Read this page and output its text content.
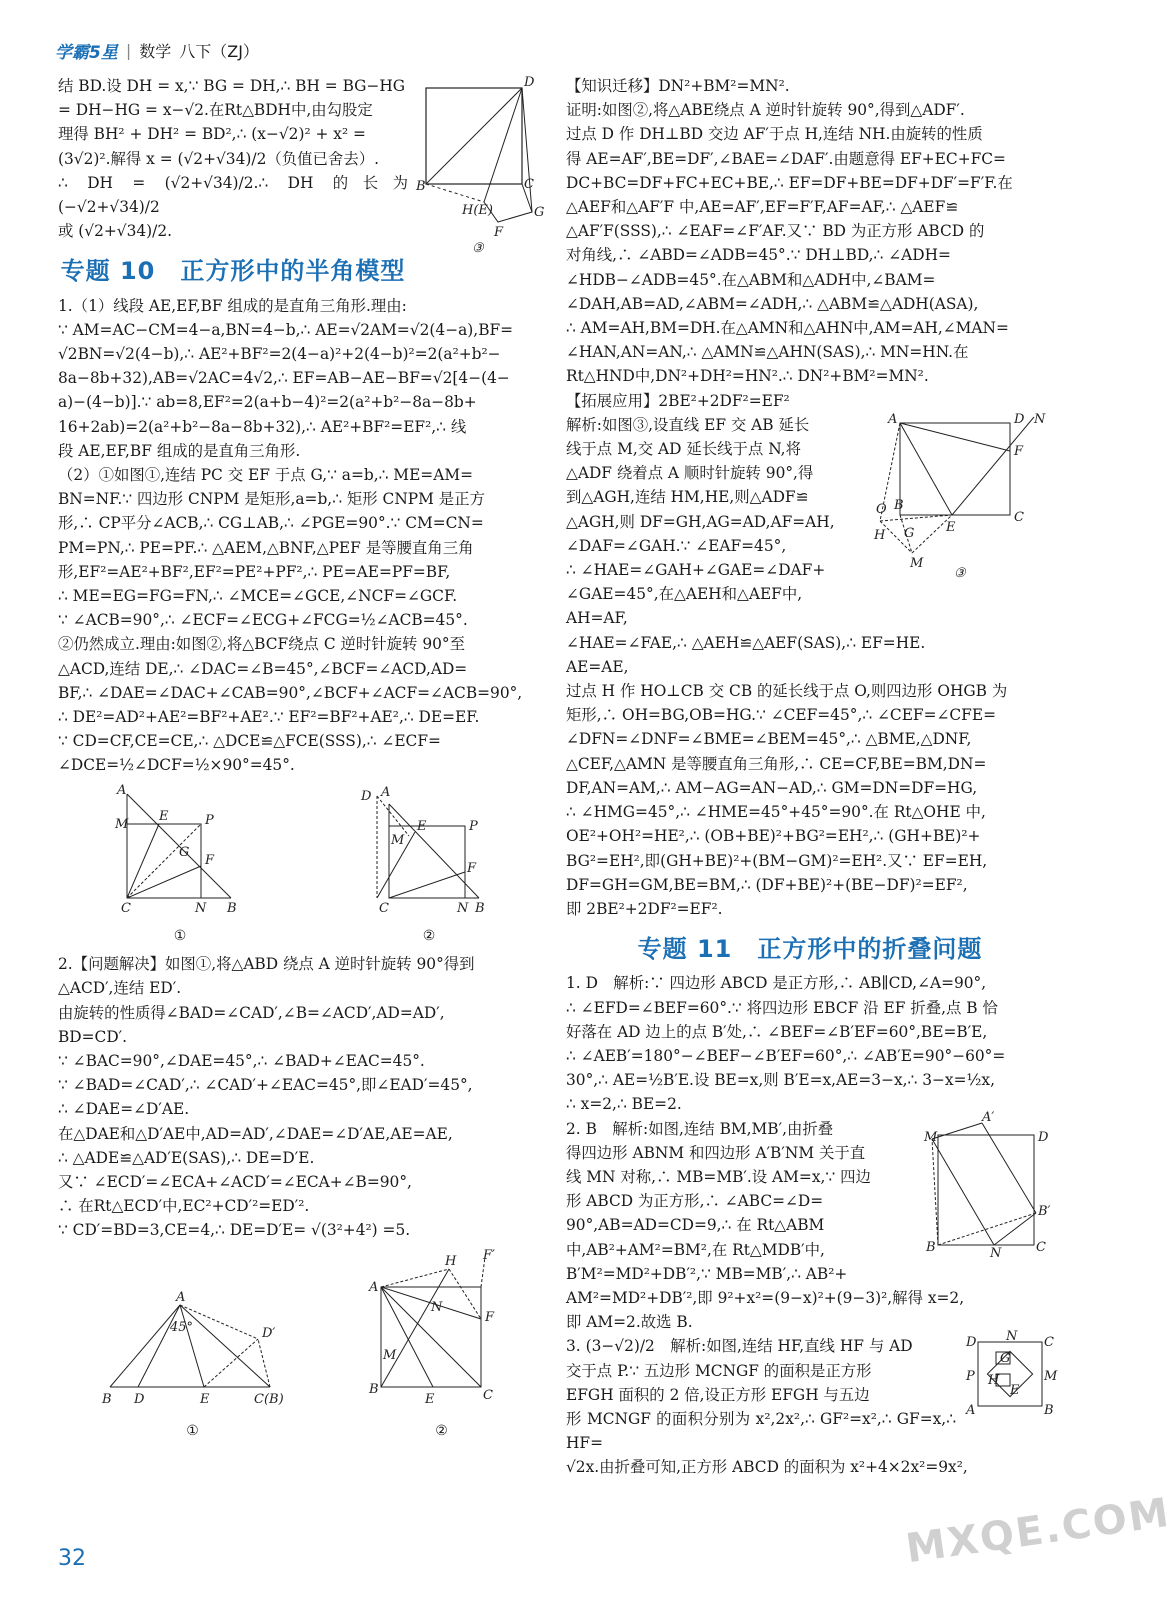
学霸5星 | 数学 八下（ZJ）
D
B	C
H(E)	G
F
③

结 BD.设 DH = x,∵ BG = DH,∴ BH = BG−HG

= DH−HG = x−√2.在Rt△BDH中,由勾股定

理得 BH² + DH² = BD²,∴ (x−√2)² + x² =

(3√2)².解得 x = (√2+√34)/2（负值已舍去）.

∴ DH = (√2+√34)/2.∴ DH 的长为 (−√2+√34)/2

或 (√2+√34)/2.

专题 10　正方形中的半角模型

1.（1）线段 AE,EF,BF 组成的是直角三角形.理由:

∵ AM=AC−CM=4−a,BN=4−b,∴ AE=√2AM=√2(4−a),BF=

√2BN=√2(4−b),∴ AE²+BF²=2(4−a)²+2(4−b)²=2(a²+b²−

8a−8b+32),AB=√2AC=4√2,∴ EF=AB−AE−BF=√2[4−(4−

a)−(4−b)].∵ ab=8,EF²=2(a+b−4)²=2(a²+b²−8a−8b+

16+2ab)=2(a²+b²−8a−8b+32),∴ AE²+BF²=EF²,∴ 线

段 AE,EF,BF 组成的是直角三角形.

（2）①如图①,连结 PC 交 EF 于点 G,∵ a=b,∴ ME=AM=

BN=NF.∵ 四边形 CNPM 是矩形,a=b,∴ 矩形 CNPM 是正方

形,∴ CP平分∠ACB,∴ CG⊥AB,∴ ∠PGE=90°.∵ CM=CN=

PM=PN,∴ PE=PF.∴ △AEM,△BNF,△PEF 是等腰直角三角

形,EF²=AE²+BF²,EF²=PE²+PF²,∴ PE=AE=PF=BF,

∴ ME=EG=FG=FN,∴ ∠MCE=∠GCE,∠NCF=∠GCF.

∵ ∠ACB=90°,∴ ∠ECF=∠ECG+∠FCG=½∠ACB=45°.

②仍然成立.理由:如图②,将△BCF绕点 C 逆时针旋转 90°至

△ACD,连结 DE,∴ ∠DAC=∠B=45°,∠BCF=∠ACD,AD=

BF,∴ ∠DAE=∠DAC+∠CAB=90°,∠BCF+∠ACF=∠ACB=90°,

∴ DE²=AD²+AE²=BF²+AE².∵ EF²=BF²+AE²,∴ DE=EF.

∵ CD=CF,CE=CE,∴ △DCE≌△FCE(SSS),∴ ∠ECF=

∠DCE=½∠DCF=½×90°=45°.

A
M
E	P
G
F
C	N B
①
D A
M
E	P
F
C	N B
②

2.【问题解决】如图①,将△ABD 绕点 A 逆时针旋转 90°得到

△ACD′,连结 ED′.

由旋转的性质得∠BAD=∠CAD′,∠B=∠ACD′,AD=AD′,

BD=CD′.

∵ ∠BAC=90°,∠DAE=45°,∴ ∠BAD+∠EAC=45°.

∵ ∠BAD=∠CAD′,∴ ∠CAD′+∠EAC=45°,即∠EAD′=45°,

∴ ∠DAE=∠D′AE.

在△DAE和△D′AE中,AD=AD′,∠DAE=∠D′AE,AE=AE,

∴ △ADE≌△AD′E(SAS),∴ DE=D′E.

又∵ ∠ECD′=∠ECA+∠ACD′=∠ECA+∠B=90°,

∴ 在Rt△ECD′中,EC²+CD′²=ED′².

∵ CD′=BD=3,CE=4,∴ DE=D′E= √(3²+4²) =5.

A
45°	D′
B D	E	C(B)
①
A
H F′
N
F
M
B
E	C
②

【知识迁移】DN²+BM²=MN².

证明:如图②,将△ABE绕点 A 逆时针旋转 90°,得到△ADF′.

过点 D 作 DH⊥BD 交边 AF′于点 H,连结 NH.由旋转的性质

得 AE=AF′,BE=DF′,∠BAE=∠DAF′.由题意得 EF+EC+FC=

DC+BC=DF+FC+EC+BE,∴ EF=DF+BE=DF+DF′=F′F.在

△AEF和△AF′F 中,AE=AF′,EF=F′F,AF=AF,∴ △AEF≌

△AF′F(SSS),∴ ∠EAF=∠F′AF.又∵ BD 为正方形 ABCD 的

对角线,∴ ∠ABD=∠ADB=45°.∵ DH⊥BD,∴ ∠ADH=

∠HDB−∠ADB=45°.在△ABM和△ADH中,∠BAM=

∠DAH,AB=AD,∠ABM=∠ADH,∴ △ABM≌△ADH(ASA),

∴ AM=AH,BM=DH.在△AMN和△AHN中,AM=AH,∠MAN=

∠HAN,AN=AN,∴ △AMN≌△AHN(SAS),∴ MN=HN.在

Rt△HND中,DN²+DH²=HN².∴ DN²+BM²=MN².

【拓展应用】2BE²+2DF²=EF²

A	D N
F
B
O
E
C
H G
M
③

解析:如图③,设直线 EF 交 AB 延长

线于点 M,交 AD 延长线于点 N,将

△ADF 绕着点 A 顺时针旋转 90°,得

到△AGH,连结 HM,HE,则△ADF≌

△AGH,则 DF=GH,AG=AD,AF=AH,

∠DAF=∠GAH.∵ ∠EAF=45°,

∴ ∠HAE=∠GAH+∠GAE=∠DAF+

∠GAE=45°,在△AEH和△AEF中,

AH=AF,

∠HAE=∠FAE,∴ △AEH≌△AEF(SAS),∴ EF=HE.

AE=AE,

过点 H 作 HO⊥CB 交 CB 的延长线于点 O,则四边形 OHGB 为

矩形,∴ OH=BG,OB=HG.∵ ∠CEF=45°,∴ ∠CEF=∠CFE=

∠DFN=∠DNF=∠BME=∠BEM=45°,∴ △BME,△DNF,

△CEF,△AMN 是等腰直角三角形,∴ CE=CF,BE=BM,DN=

DF,AN=AM,∴ AM−AG=AN−AD,∴ GM=DN=DF=HG,

∴ ∠HMG=45°,∴ ∠HME=45°+45°=90°.在 Rt△OHE 中,

OE²+OH²=HE²,∴ (OB+BE)²+BG²=EH²,∴ (GH+BE)²+

BG²=EH²,即(GH+BE)²+(BM−GM)²=EH².又∵ EF=EH,

DF=GH=GM,BE=BM,∴ (DF+BE)²+(BE−DF)²=EF²,

即 2BE²+2DF²=EF².

专题 11　正方形中的折叠问题

1. D　解析:∵ 四边形 ABCD 是正方形,∴ AB∥CD,∠A=90°,

∴ ∠EFD=∠BEF=60°.∵ 将四边形 EBCF 沿 EF 折叠,点 B 恰

好落在 AD 边上的点 B′处,∴ ∠BEF=∠B′EF=60°,BE=B′E,

∴ ∠AEB′=180°−∠BEF−∠B′EF=60°,∴ ∠AB′E=90°−60°=

30°,∴ AE=½B′E.设 BE=x,则 B′E=x,AE=3−x,∴ 3−x=½x,

∴ x=2,∴ BE=2.

M
A′
D
B′
B	N	C

2. B　解析:如图,连结 BM,MB′,由折叠

得四边形 ABNM 和四边形 A′B′NM 关于直

线 MN 对称,∴ MB=MB′.设 AM=x,∵ 四边

形 ABCD 为正方形,∴ ∠ABC=∠D=

90°,AB=AD=CD=9,∴ 在 Rt△ABM

中,AB²+AM²=BM²,在 Rt△MDB′中,

B′M²=MD²+DB′²,∵ MB=MB′,∴ AB²+

AM²=MD²+DB′²,即 9²+x²=(9−x)²+(9−3)²,解得 x=2,

即 AM=2.故选 B.

D N C
P
G
M
H
E
A	B

3. (3−√2)/2　解析:如图,连结 HF,直线 HF 与 AD

交于点 P.∵ 五边形 MCNGF 的面积是正方形

EFGH 面积的 2 倍,设正方形 EFGH 与五边

形 MCNGF 的面积分别为 x²,2x²,∴ GF²=x²,∴ GF=x,∴ HF=

√2x.由折叠可知,正方形 ABCD 的面积为 x²+4×2x²=9x²,

32	MXQE.COM
